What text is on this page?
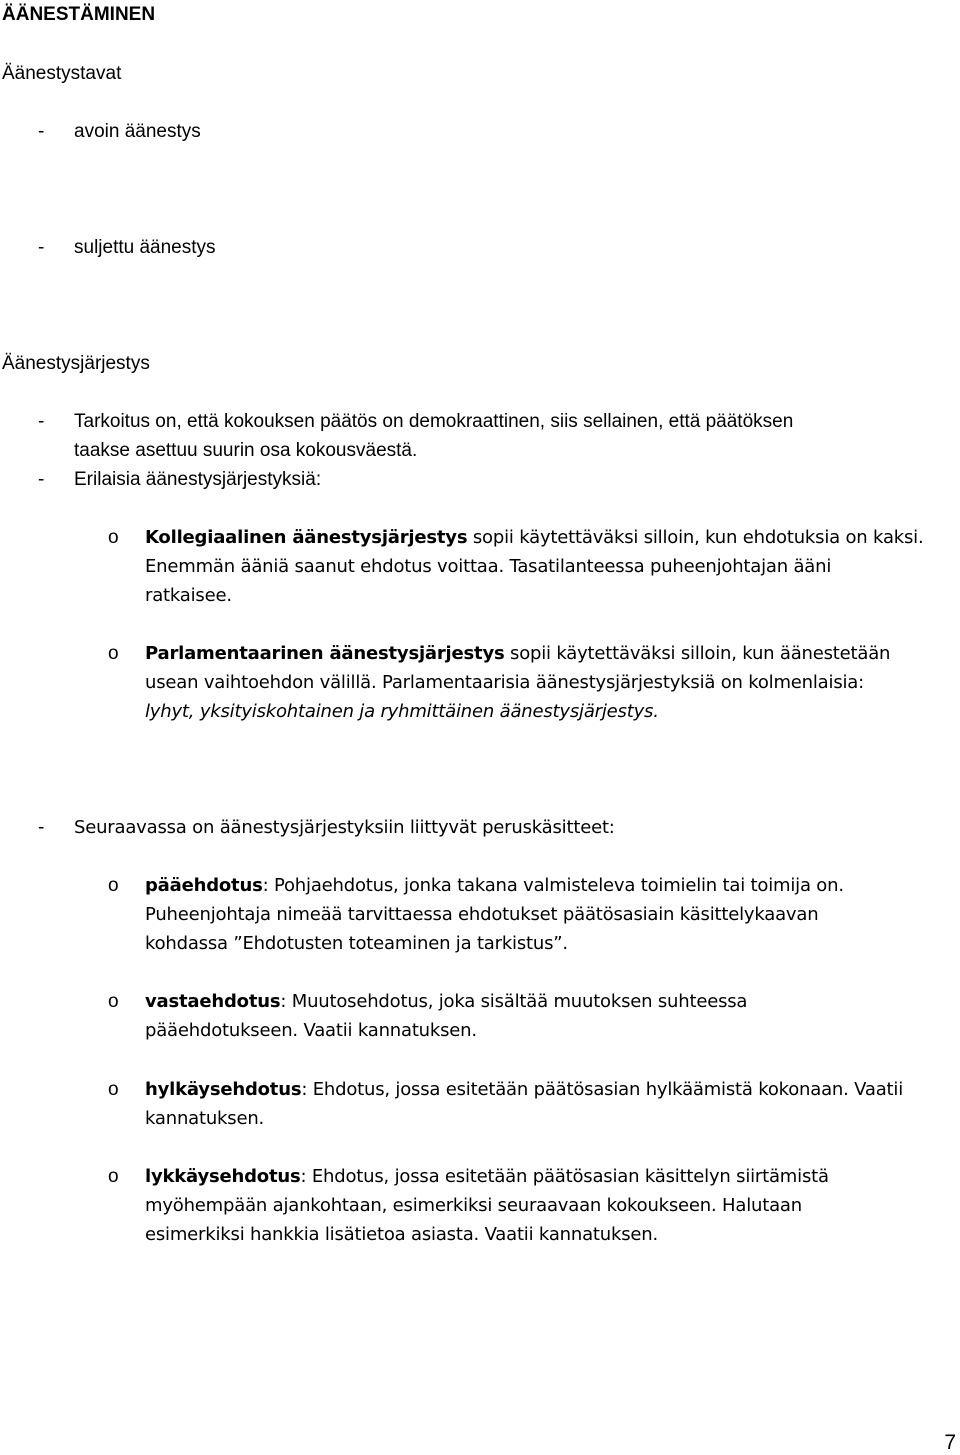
ÄÄNESTÄMINEN
Äänestystavat
- avoin äänestys
- suljettu äänestys
Äänestysjärjestys
- Tarkoitus on, että kokouksen päätös on demokraattinen, siis sellainen, että päätöksen
taakse asettuu suurin osa kokousväestä.
- Erilaisia äänestysjärjestyksiä:
o Kollegiaalinen äänestysjärjestys sopii käytettäväksi silloin, kun ehdotuksia on kaksi.
Enemmän ääniä saanut ehdotus voittaa. Tasatilanteessa puheenjohtajan ääni
ratkaisee.
o Parlamentaarinen äänestysjärjestys sopii käytettäväksi silloin, kun äänestetään
usean vaihtoehdon välillä. Parlamentaarisia äänestysjärjestyksiä on kolmenlaisia:
lyhyt, yksityiskohtainen ja ryhmittäinen äänestysjärjestys.
- Seuraavassa on äänestysjärjestyksiin liittyvät peruskäsitteet:
o pääehdotus: Pohjaehdotus, jonka takana valmisteleva toimielin tai toimija on.
Puheenjohtaja nimeää tarvittaessa ehdotukset päätösasiain käsittelykaavan
kohdassa ”Ehdotusten toteaminen ja tarkistus”.
o vastaehdotus: Muutosehdotus, joka sisältää muutoksen suhteessa
pääehdotukseen. Vaatii kannatuksen.
o hylkäysehdotus: Ehdotus, jossa esitetään päätösasian hylkäämistä kokonaan. Vaatii
kannatuksen.
o lykkäysehdotus: Ehdotus, jossa esitetään päätösasian käsittelyn siirtämistä
myöhempään ajankohtaan, esimerkiksi seuraavaan kokoukseen. Halutaan
esimerkiksi hankkia lisätietoa asiasta. Vaatii kannatuksen.
7
